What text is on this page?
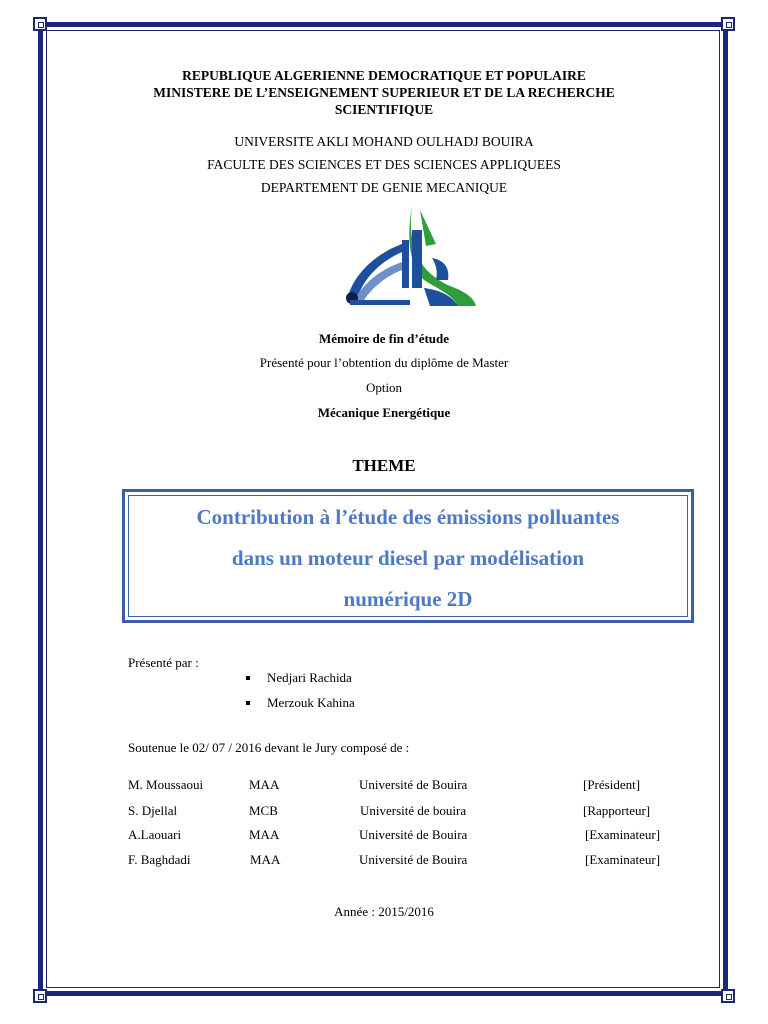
REPUBLIQUE ALGERIENNE DEMOCRATIQUE ET POPULAIRE
MINISTERE DE L’ENSEIGNEMENT SUPERIEUR ET DE LA RECHERCHE
SCIENTIFIQUE
UNIVERSITE AKLI MOHAND OULHADJ BOUIRA
FACULTE DES SCIENCES ET DES SCIENCES APPLIQUEES
DEPARTEMENT DE GENIE MECANIQUE
Mémoire de fin d’étude
Présenté pour l’obtention du diplôme de Master
Option
Mécanique Energétique
THEME
Contribution à l’étude des émissions polluantes
dans un moteur diesel par modélisation
numérique 2D
Présenté par :
Nedjari Rachida
Merzouk Kahina
Soutenue le 02/ 07 / 2016 devant le Jury composé de :
M. Moussaoui	MAA	Université de Bouira	[Président]
S. Djellal	MCB	Université de bouira	[Rapporteur]
A.Laouari	MAA	Université de Bouira	[Examinateur]
F. Baghdadi	MAA	Université de Bouira	[Examinateur]
Année : 2015/2016
